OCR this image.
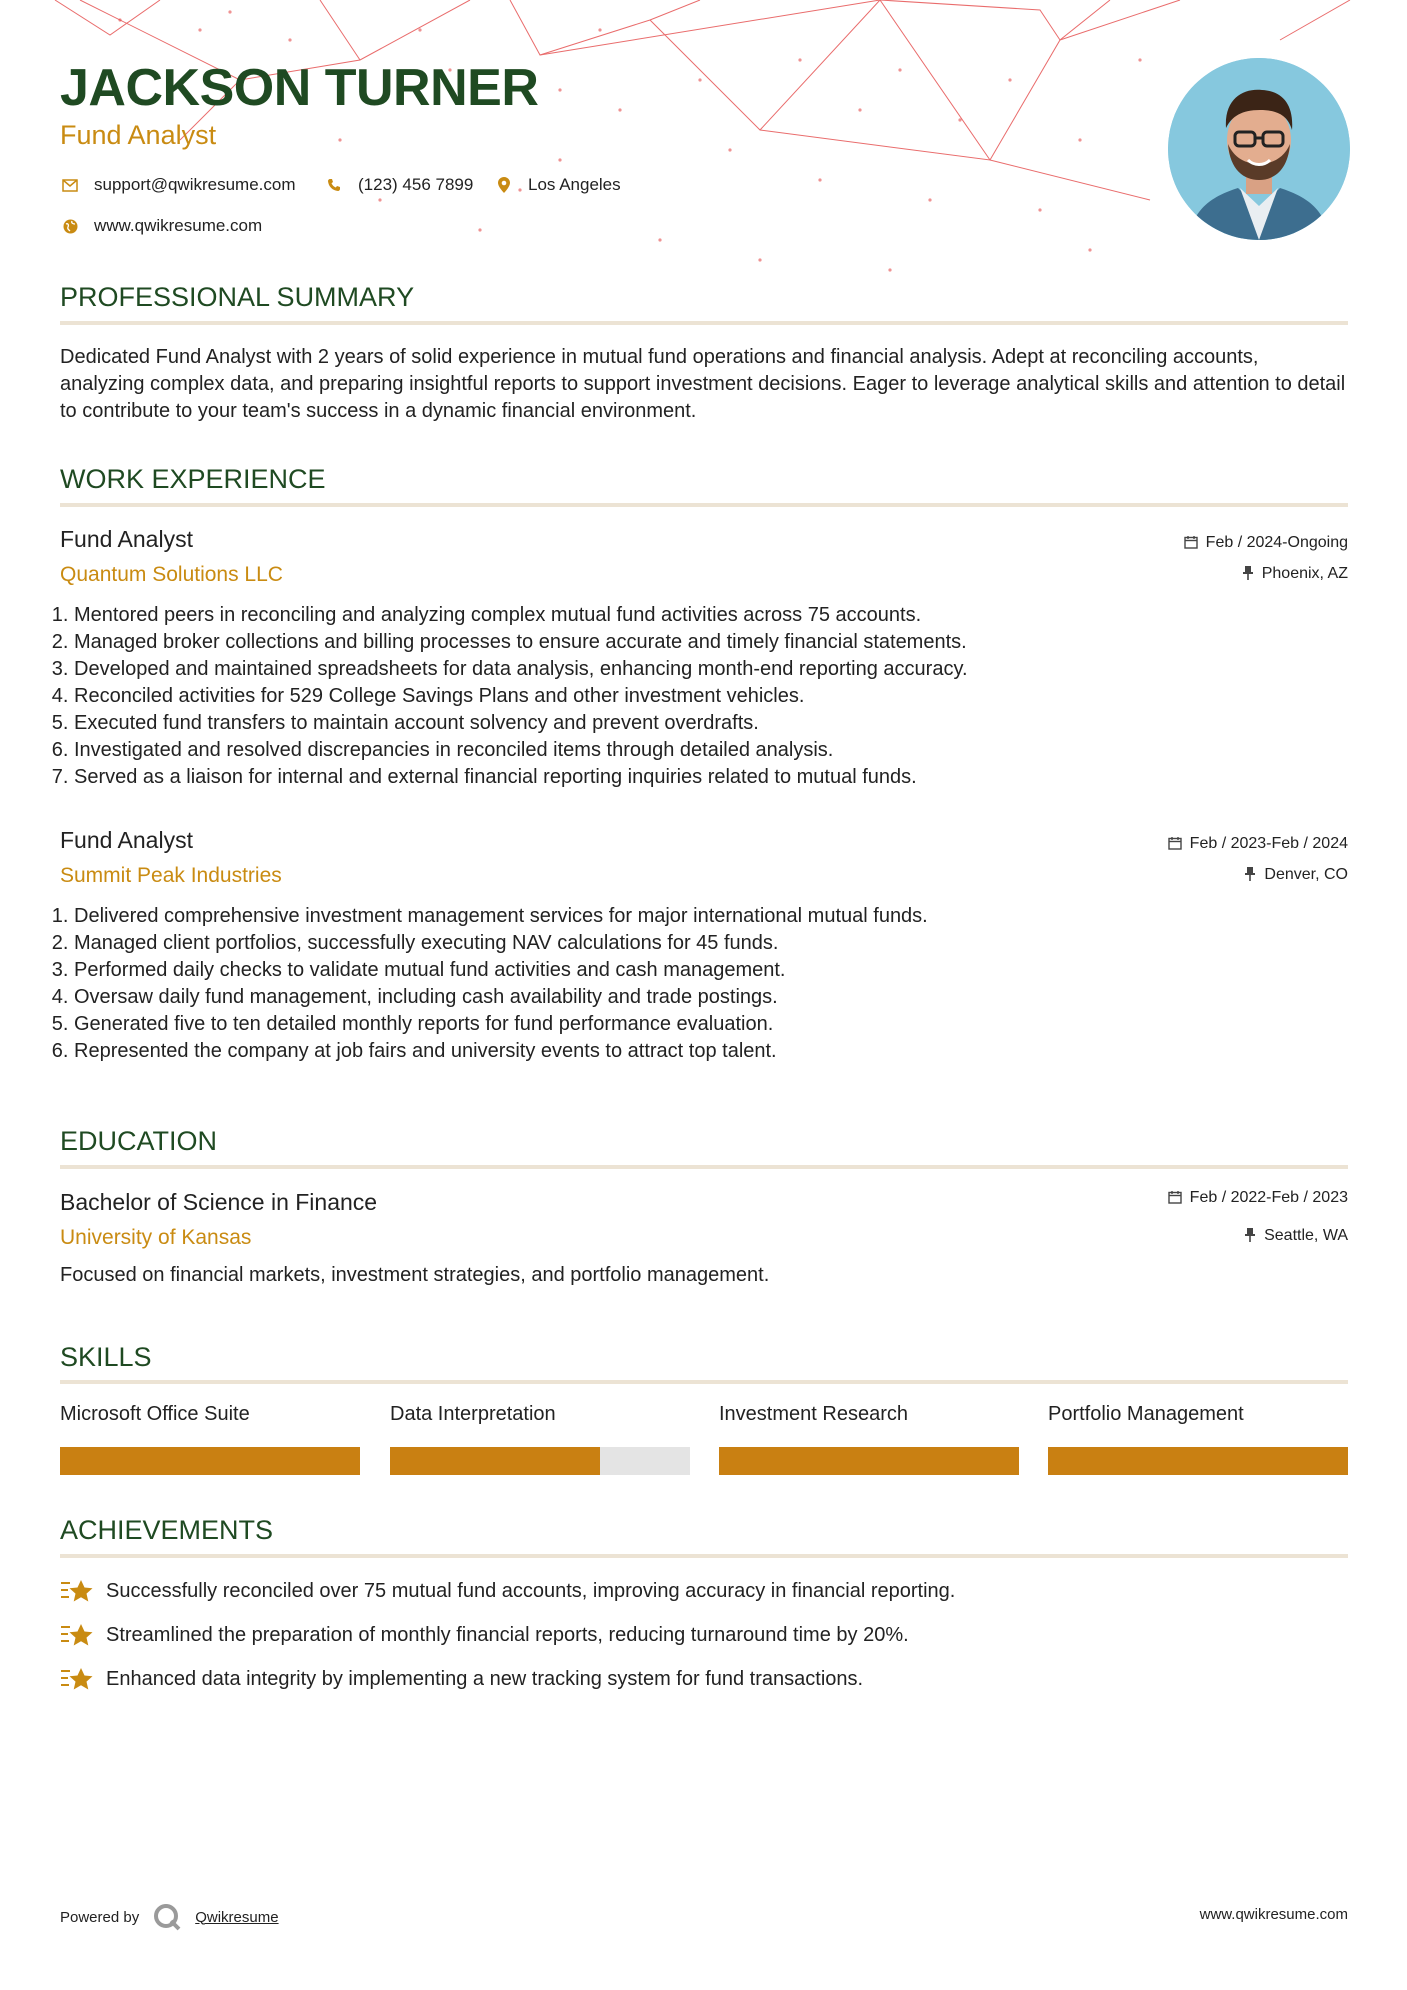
JACKSON TURNER
Fund Analyst
support@qwikresume.com	(123) 456 7899	Los Angeles
www.qwikresume.com
PROFESSIONAL SUMMARY

Dedicated Fund Analyst with 2 years of solid experience in mutual fund operations and financial analysis. Adept at reconciling accounts, analyzing complex data, and preparing insightful reports to support investment decisions. Eager to leverage analytical skills and attention to detail to contribute to your team's success in a dynamic financial environment.

WORK EXPERIENCE
Fund Analyst
Quantum Solutions LLC
Feb / 2024-Ongoing
Phoenix, AZ
1. Mentored peers in reconciling and analyzing complex mutual fund activities across 75 accounts.
2. Managed broker collections and billing processes to ensure accurate and timely financial statements.
3. Developed and maintained spreadsheets for data analysis, enhancing month-end reporting accuracy.
4. Reconciled activities for 529 College Savings Plans and other investment vehicles.
5. Executed fund transfers to maintain account solvency and prevent overdrafts.
6. Investigated and resolved discrepancies in reconciled items through detailed analysis.
7. Served as a liaison for internal and external financial reporting inquiries related to mutual funds.
Fund Analyst
Summit Peak Industries
Feb / 2023-Feb / 2024
Denver, CO
1. Delivered comprehensive investment management services for major international mutual funds.
2. Managed client portfolios, successfully executing NAV calculations for 45 funds.
3. Performed daily checks to validate mutual fund activities and cash management.
4. Oversaw daily fund management, including cash availability and trade postings.
5. Generated five to ten detailed monthly reports for fund performance evaluation.
6. Represented the company at job fairs and university events to attract top talent.
EDUCATION
Bachelor of Science in Finance
University of Kansas
Feb / 2022-Feb / 2023
Seattle, WA

Focused on financial markets, investment strategies, and portfolio management.

SKILLS
Microsoft Office Suite	Data Interpretation	Investment Research	Portfolio Management
ACHIEVEMENTS
Successfully reconciled over 75 mutual fund accounts, improving accuracy in financial reporting.
Streamlined the preparation of monthly financial reports, reducing turnaround time by 20%.
Enhanced data integrity by implementing a new tracking system for fund transactions.
Powered by	Qwikresume	www.qwikresume.com
